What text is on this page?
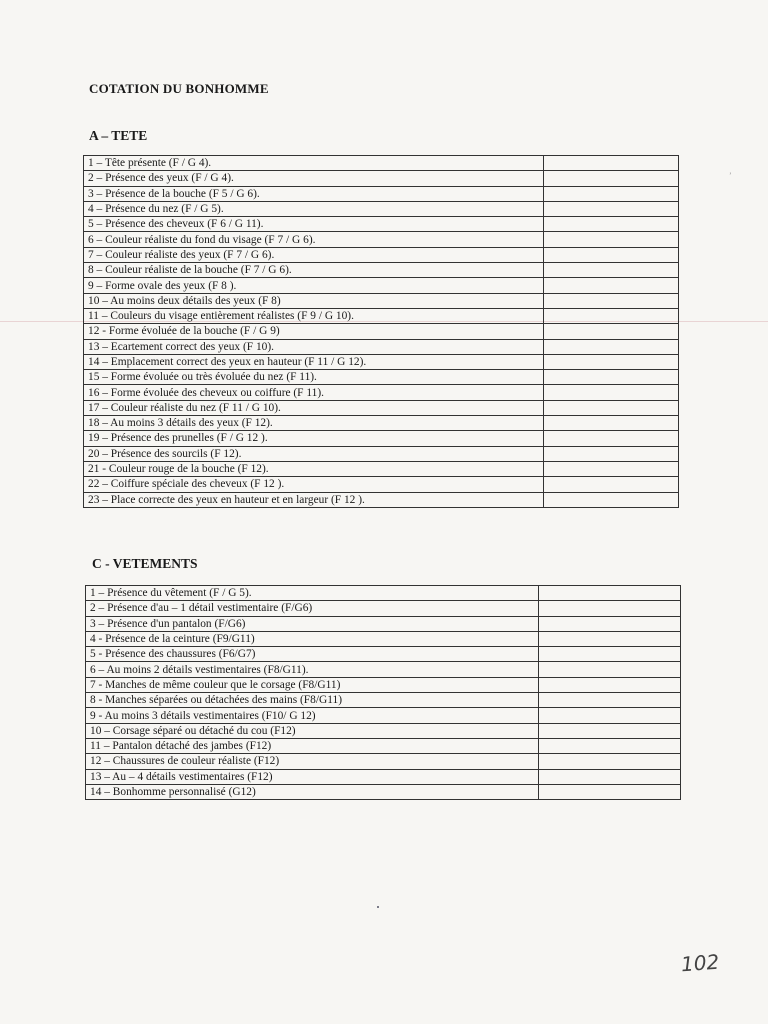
ʼ
COTATION DU BONHOMME
A – TETE
1 – Tête présente (F / G 4).	
2 – Présence des yeux (F / G 4).	
3 – Présence de la bouche (F 5 / G 6).	
4 – Présence du nez (F / G 5).	
5 – Présence des cheveux (F 6 / G 11).	
6 – Couleur réaliste du fond du visage (F 7 / G 6).	
7 – Couleur réaliste des yeux (F 7 / G 6).	
8 – Couleur réaliste de la bouche (F 7 / G 6).	
9 – Forme ovale des yeux (F 8 ).	
10 – Au moins deux détails des yeux (F 8)	
11 – Couleurs du visage entièrement réalistes (F 9 / G 10).	
12 - Forme évoluée de la bouche (F / G 9)	
13 – Ecartement correct des yeux (F 10).	
14 – Emplacement correct des yeux en hauteur (F 11 / G 12).	
15 – Forme évoluée ou très évoluée du nez (F 11).	
16 – Forme évoluée des cheveux ou coiffure (F 11).	
17 – Couleur réaliste du nez (F 11 / G 10).	
18 – Au moins 3 détails des yeux (F 12).	
19 – Présence des prunelles (F / G 12 ).	
20 – Présence des sourcils (F 12).	
21 - Couleur rouge de la bouche (F 12).	
22 – Coiffure spéciale des cheveux (F 12 ).	
23 – Place correcte des yeux en hauteur et en largeur (F 12 ).	
C - VETEMENTS
1 – Présence du vêtement (F / G 5).	
2 – Présence d'au – 1 détail vestimentaire (F/G6)	
3 – Présence d'un pantalon (F/G6)	
4 - Présence de la ceinture (F9/G11)	
5 - Présence des chaussures (F6/G7)	
6 – Au moins 2 détails vestimentaires (F8/G11).	
7 - Manches de même couleur que le corsage (F8/G11)	
8 - Manches séparées ou détachées des mains (F8/G11)	
9 - Au moins 3 détails vestimentaires (F10/ G 12)	
10 – Corsage séparé ou détaché du cou (F12)	
11 – Pantalon détaché des jambes (F12)	
12 – Chaussures de couleur réaliste (F12)	
13 – Au – 4 détails vestimentaires (F12)	
14 – Bonhomme personnalisé (G12)	
102
